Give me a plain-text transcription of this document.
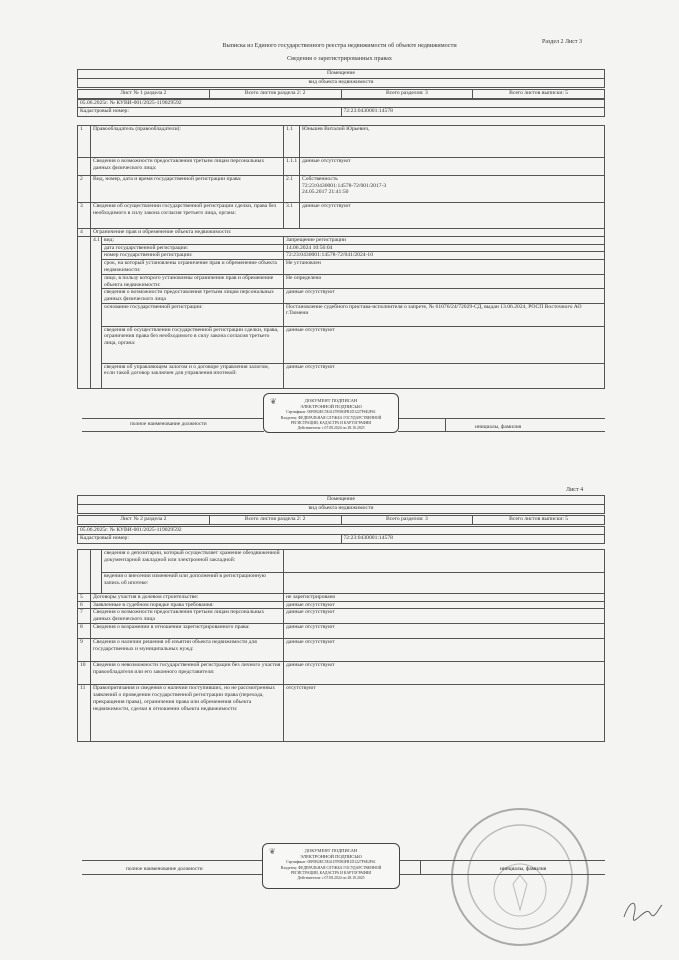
Выписка из Единого государственного реестра недвижимости об объекте недвижимости
Сведения о зарегистрированных правах
Раздел 2 Лист 3
Помещение
вид объекта недвижимости
Лист № 1 раздела 2	Всего листов раздела 2: 2	Всего разделов: 3	Всего листов выписки: 5
05.06.2025г. № КУВИ-001/2025-119029592
Кадастровый номер:	72:23:0430001:14578
1	Правообладатель (правообладатели):		1.1	Юньшев Виталий Юрьевич,
	Сведения о возможности предоставления третьим лицам персональных данных физического лица:		1.1.1	данные отсутствуют
2	Вид, номер, дата и время государственной регистрации права:		2.1	Собственность
72:23:0430001:14578-72/001/2017-3
24.05.2017 21:41:50
3	Сведения об осуществлении государственной регистрации сделки, права без необходимого в силу закона согласия третьего лица, органа:		3.1	данные отсутствуют
4	Ограничение прав и обременение объекта недвижимости:			
	4.1	вид:	Запрещение регистрации	
		дата государственной регистрации:	14.06.2024 10:56:04	
		номер государственной регистрации:	72:23:0430001:14578-72/041/2024-10	
		срок, на который установлены ограничение прав и обременение объекта недвижимости:	Не установлен	
		лицо, в пользу которого установлены ограничение прав и обременение объекта недвижимости:	Не определено	
		сведения о возможности предоставления третьим лицам персональных данных физического лица	данные отсутствуют	
		основание государственной регистрации:	Постановление судебного пристава-исполнителя о запрете, № 61076/24/72029-СД, выдан 13.06.2024, РОСП Восточного АО г.Тюмени	
		сведения об осуществлении государственной регистрации сделки, права, ограничения права без необходимого в силу закона согласия третьего лица, органа:	данные отсутствуют	
		сведения об управляющем залогом и о договоре управления залогом, если такой договор заключен для управления ипотекой:	данные отсутствуют	
полное наименование должности	инициалы, фамилия
❦	ДОКУМЕНТ ПОДПИСАН
ЭЛЕКТРОННОЙ ПОДПИСЬЮ
Сертификат: 00F0B2EC5E4147F0B3FB1D1227F6E2F61
Владелец: ФЕДЕРАЛЬНАЯ СЛУЖБА ГОСУДАРСТВЕННОЙ
РЕГИСТРАЦИИ, КАДАСТРА И КАРТОГРАФИИ
Действителен: с 07.08.2024 по 28.10.2025
Лист 4
Помещение
вид объекта недвижимости
Лист № 2 раздела 2	Всего листов раздела 2: 2	Всего разделов: 3	Всего листов выписки: 5
05.06.2025г. № КУВИ-001/2025-119029592
Кадастровый номер:	72:23:0430001:14578
		сведения о депозитарии, который осуществляет хранение обездвиженной документарной закладной или электронной закладной:	
		ведения о внесении изменений или дополнений в регистрационную запись об ипотеке:	
5	Договоры участия в долевом строительстве:		не зарегистрировано
6	Заявленные в судебном порядке права требования:		данные отсутствуют
7	Сведения о возможности предоставления третьим лицам персональных данных физического лица		данные отсутствуют
8	Сведения о возражении в отношении зарегистрированного права:		данные отсутствуют
9	Сведения о наличии решения об изъятии объекта недвижимости для государственных и муниципальных нужд:		данные отсутствуют
10	Сведения о невозможности государственной регистрации без личного участия правообладателя или его законного представителя:		данные отсутствуют
11	Правопритязания и сведения о наличии поступивших, но не рассмотренных заявлений о проведении государственной регистрации права (перехода, прекращения права), ограничения права или обременения объекта недвижимости, сделки в отношении объекта недвижимости:		отсутствуют
полное наименование должности	инициалы, фамилия
❦	ДОКУМЕНТ ПОДПИСАН
ЭЛЕКТРОННОЙ ПОДПИСЬЮ
Сертификат: 00F0B2EC5E4147F0B3FB1D1227F6E2F61
Владелец: ФЕДЕРАЛЬНАЯ СЛУЖБА ГОСУДАРСТВЕННОЙ
РЕГИСТРАЦИИ, КАДАСТРА И КАРТОГРАФИИ
Действителен: с 07.08.2024 по 28.10.2025
